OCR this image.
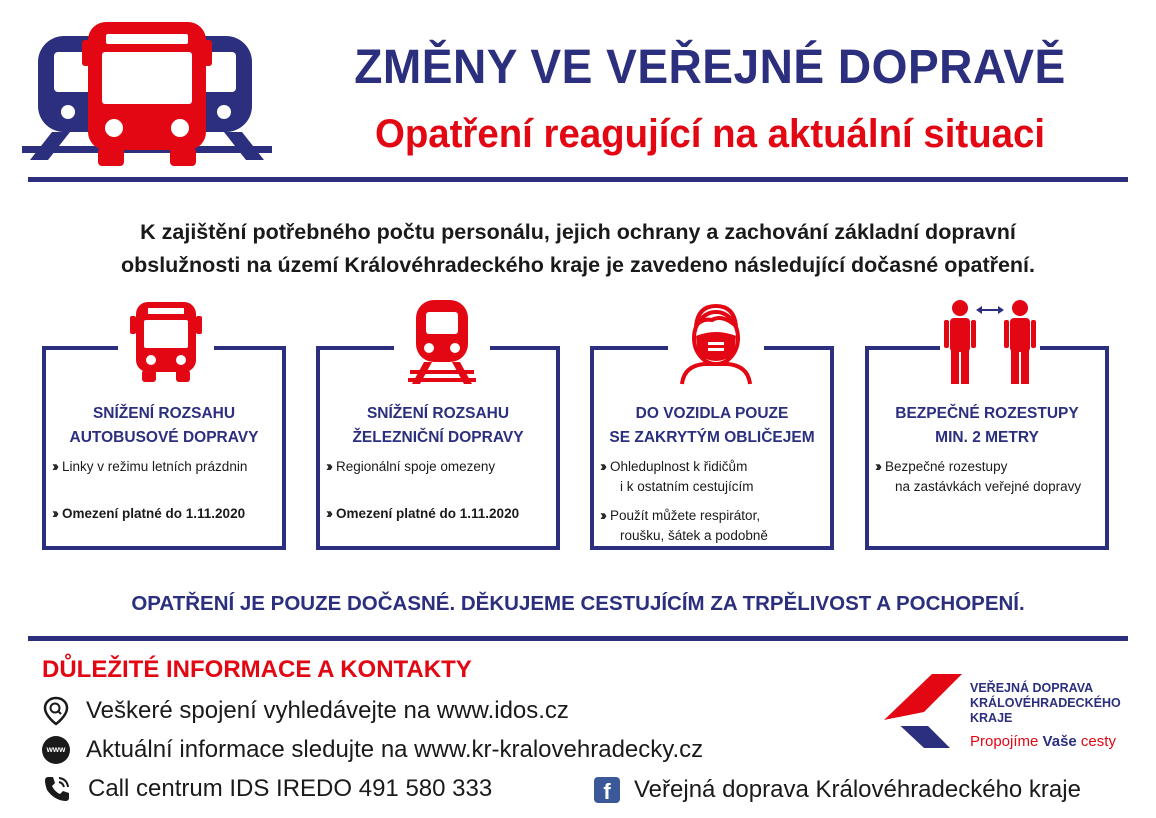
ZMĚNY VE VEŘEJNÉ DOPRAVĚ
Opatření reagující na aktuální situaci
K zajištění potřebného počtu personálu, jejich ochrany a zachování základní dopravní
obslužnosti na území Královéhradeckého kraje je zavedeno následující dočasné opatření.
SNÍŽENÍ ROZSAHU
AUTOBUSOVÉ DOPRAVY

›› Linky v režimu letních prázdnin

›› Omezení platné do 1.11.2020

SNÍŽENÍ ROZSAHU
ŽELEZNIČNÍ DOPRAVY

›› Regionální spoje omezeny

›› Omezení platné do 1.11.2020

DO VOZIDLA POUZE
SE ZAKRYTÝM OBLIČEJEM

›› Ohleduplnost k řidičům
i k ostatním cestujícím

›› Použít můžete respirátor,
roušku, šátek a podobně

BEZPEČNÉ ROZESTUPY
MIN. 2 METRY

›› Bezpečné rozestupy
na zastávkách veřejné dopravy

OPATŘENÍ JE POUZE DOČASNÉ. DĚKUJEME CESTUJÍCÍM ZA TRPĚLIVOST A POCHOPENÍ.

DŮLEŽITÉ INFORMACE A KONTAKTY

Veškeré spojení vyhledávejte na www.idos.cz

www Aktuální informace sledujte na www.kr-kralovehradecky.cz

Call centrum IDS IREDO 491 580 333	f Veřejná doprava Královéhradeckého kraje

VEŘEJNÁ DOPRAVA
KRÁLOVÉHRADECKÉHO
KRAJE

Propojíme Vaše cesty
